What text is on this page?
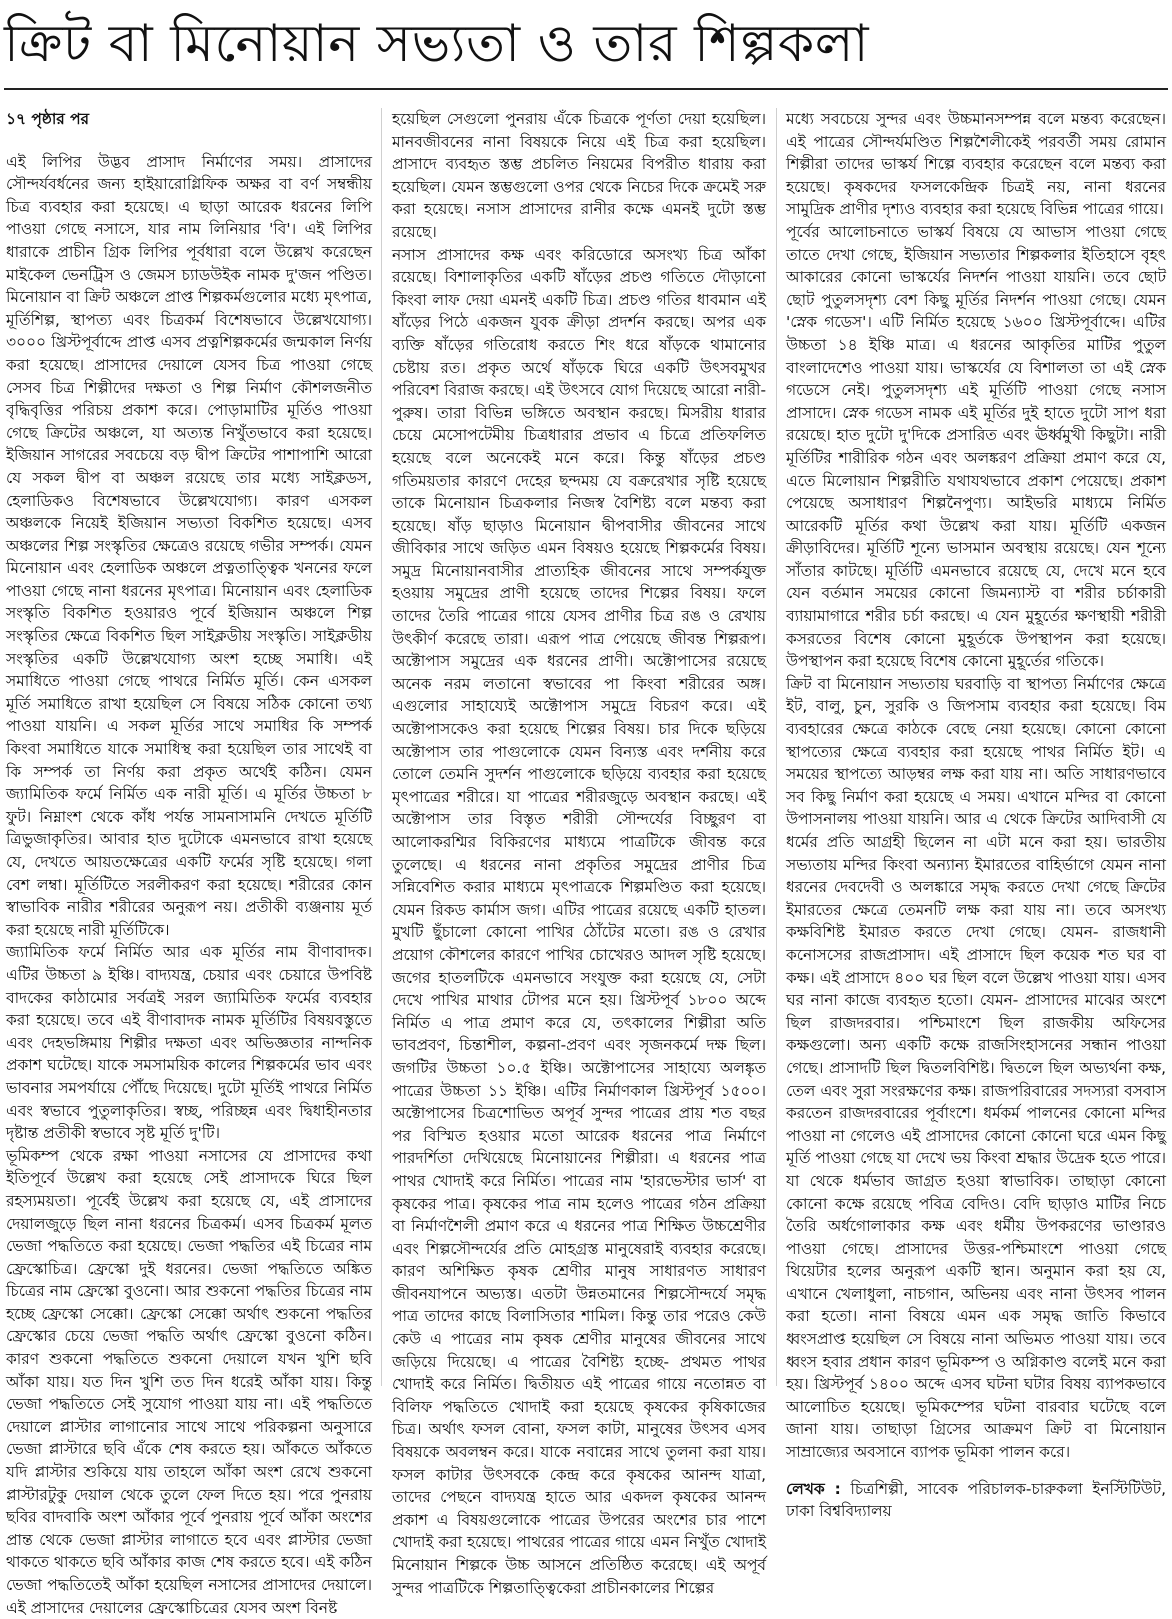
ক্রিট বা মিনোয়ান সভ্যতা ও তার শিল্পকলা

১৭ পৃষ্ঠার পর

এই লিপির উদ্ভব প্রাসাদ নির্মাণের সময়। প্রাসাদের সৌন্দর্যবর্ধনের জন্য হাইয়ারোগ্লিফিক অক্ষর বা বর্ণ সম্বন্ধীয় চিত্র ব্যবহার করা হয়েছে। এ ছাড়া আরেক ধরনের লিপি পাওয়া গেছে নসাসে, যার নাম লিনিয়ার 'বি'। এই লিপির ধারাকে প্রাচীন গ্রিক লিপির পূর্বধারা বলে উল্লেখ করেছেন মাইকেল ভেনট্রিস ও জেমস চ্যাডউইক নামক দু'জন পণ্ডিত। মিনোয়ান বা ক্রিট অঞ্চলে প্রাপ্ত শিল্পকর্মগুলোর মধ্যে মৃৎপাত্র, মূর্তিশিল্প, স্থাপত্য এবং চিত্রকর্ম বিশেষভাবে উল্লেখযোগ্য। ৩০০০ খ্রিস্টপূর্বাব্দে প্রাপ্ত এসব প্রত্নশিল্পকর্মের জন্মকাল নির্ণয় করা হয়েছে। প্রাসাদের দেয়ালে যেসব চিত্র পাওয়া গেছে সেসব চিত্র শিল্পীদের দক্ষতা ও শিল্প নির্মাণ কৌশলজনীত বৃদ্ধিবৃত্তির পরিচয় প্রকাশ করে। পোড়ামাটির মূর্তিও পাওয়া গেছে ক্রিটের অঞ্চলে, যা অত্যন্ত নিখুঁতভাবে করা হয়েছে। ইজিয়ান সাগরের সবচেয়ে বড় দ্বীপ ক্রিটের পাশাপাশি আরো যে সকল দ্বীপ বা অঞ্চল রয়েছে তার মধ্যে সাইক্লডস, হেলাডিকও বিশেষভাবে উল্লেখযোগ্য। কারণ এসকল অঞ্চলকে নিয়েই ইজিয়ান সভ্যতা বিকশিত হয়েছে। এসব অঞ্চলের শিল্প সংস্কৃতির ক্ষেত্রেও রয়েছে গভীর সম্পর্ক। যেমন মিনোয়ান এবং হেলাডিক অঞ্চলে প্রত্নতাত্ত্বিক খননের ফলে পাওয়া গেছে নানা ধরনের মৃৎপাত্র। মিনোয়ান এবং হেলাডিক সংস্কৃতি বিকশিত হওয়ারও পূর্বে ইজিয়ান অঞ্চলে শিল্প সংস্কৃতির ক্ষেত্রে বিকশিত ছিল সাইক্লডীয় সংস্কৃতি। সাইক্লডীয় সংস্কৃতির একটি উল্লেখযোগ্য অংশ হচ্ছে সমাধি। এই সমাধিতে পাওয়া গেছে পাথরে নির্মিত মূর্তি। কেন এসকল মূর্তি সমাধিতে রাখা হয়েছিল সে বিষয়ে সঠিক কোনো তথ্য পাওয়া যায়নি। এ সকল মূর্তির সাথে সমাধির কি সম্পর্ক কিংবা সমাধিতে যাকে সমাধিস্থ করা হয়েছিল তার সাথেই বা কি সম্পর্ক তা নির্ণয় করা প্রকৃত অর্থেই কঠিন। যেমন জ্যামিতিক ফর্মে নির্মিত এক নারী মূর্তি। এ মূর্তির উচ্চতা ৮ ফুট। নিম্নাংশ থেকে কাঁধ পর্যন্ত সামনাসামনি দেখতে মূর্তিটি ত্রিভুজাকৃতির। আবার হাত দুটোকে এমনভাবে রাখা হয়েছে যে, দেখতে আয়তক্ষেত্রের একটি ফর্মের সৃষ্টি হয়েছে। গলা বেশ লম্বা। মূর্তিটিতে সরলীকরণ করা হয়েছে। শরীরের কোন স্বাভাবিক নারীর শরীরের অনুরূপ নয়। প্রতীকী ব্যঞ্জনায় মূর্ত করা হয়েছে নারী মূর্তিটিকে।

জ্যামিতিক ফর্মে নির্মিত আর এক মূর্তির নাম বীণাবাদক। এটির উচ্চতা ৯ ইঞ্চি। বাদ্যযন্ত্র, চেয়ার এবং চেয়ারে উপবিষ্ট বাদকের কাঠামোর সর্বত্রই সরল জ্যামিতিক ফর্মের ব্যবহার করা হয়েছে। তবে এই বীণাবাদক নামক মূর্তিটির বিষয়বস্তুতে এবং দেহভঙ্গিমায় শিল্পীর দক্ষতা এবং অভিজ্ঞতার নান্দনিক প্রকাশ ঘটেছে। যাকে সমসাময়িক কালের শিল্পকর্মের ভাব এবং ভাবনার সমপর্যায়ে পৌঁছে দিয়েছে। দুটো মূর্তিই পাথরে নির্মিত এবং স্বভাবে পুতুলাকৃতির। স্বচ্ছ, পরিচ্ছন্ন এবং দ্বিধাহীনতার দৃষ্টান্ত প্রতীকী স্বভাবে সৃষ্ট মূর্তি দু'টি।

ভূমিকম্প থেকে রক্ষা পাওয়া নসাসের যে প্রাসাদের কথা ইতিপূর্বে উল্লেখ করা হয়েছে সেই প্রাসাদকে ঘিরে ছিল রহস্যময়তা। পূর্বেই উল্লেখ করা হয়েছে যে, এই প্রাসাদের দেয়ালজুড়ে ছিল নানা ধরনের চিত্রকর্ম। এসব চিত্রকর্ম মূলত ভেজা পদ্ধতিতে করা হয়েছে। ভেজা পদ্ধতির এই চিত্রের নাম ফ্রেস্কোচিত্র। ফ্রেস্কো দুই ধরনের। ভেজা পদ্ধতিতে অঙ্কিত চিত্রের নাম ফ্রেস্কো বুওনো। আর শুকনো পদ্ধতির চিত্রের নাম হচ্ছে ফ্রেস্কো সেক্কো। ফ্রেস্কো সেক্কো অর্থাৎ শুকনো পদ্ধতির ফ্রেস্কোর চেয়ে ভেজা পদ্ধতি অর্থাৎ ফ্রেস্কো বুওনো কঠিন। কারণ শুকনো পদ্ধতিতে শুকনো দেয়ালে যখন খুশি ছবি আঁকা যায়। যত দিন খুশি তত দিন ধরেই আঁকা যায়। কিন্তু ভেজা পদ্ধতিতে সেই সুযোগ পাওয়া যায় না। এই পদ্ধতিতে দেয়ালে প্লাস্টার লাগানোর সাথে সাথে পরিকল্পনা অনুসারে ভেজা প্লাস্টারে ছবি এঁকে শেষ করতে হয়। আঁকতে আঁকতে যদি প্লাস্টার শুকিয়ে যায় তাহলে আঁকা অংশ রেখে শুকনো প্লাস্টারটুকু দেয়াল থেকে তুলে ফেল দিতে হয়। পরে পুনরায় ছবির বাদবাকি অংশ আঁকার পূর্বে পুনরায় পূর্বে আঁকা অংশের প্রান্ত থেকে ভেজা প্লাস্টার লাগাতে হবে এবং প্লাস্টার ভেজা থাকতে থাকতে ছবি আঁকার কাজ শেষ করতে হবে। এই কঠিন ভেজা পদ্ধতিতেই আঁকা হয়েছিল নসাসের প্রাসাদের দেয়ালে। এই প্রাসাদের দেয়ালের ফ্রেস্কোচিত্রের যেসব অংশ বিনষ্ট

হয়েছিল সেগুলো পুনরায় এঁকে চিত্রকে পূর্ণতা দেয়া হয়েছিল। মানবজীবনের নানা বিষয়কে নিয়ে এই চিত্র করা হয়েছিল। প্রাসাদে ব্যবহৃত স্তম্ভ প্রচলিত নিয়মের বিপরীত ধারায় করা হয়েছিল। যেমন স্তম্ভগুলো ওপর থেকে নিচের দিকে ক্রমেই সরু করা হয়েছে। নসাস প্রাসাদের রানীর কক্ষে এমনই দুটো স্তম্ভ রয়েছে।

নসাস প্রাসাদের কক্ষ এবং করিডোরে অসংখ্য চিত্র আঁকা রয়েছে। বিশালাকৃতির একটি ষাঁড়ের প্রচণ্ড গতিতে দৌড়ানো কিংবা লাফ দেয়া এমনই একটি চিত্র। প্রচণ্ড গতির ধাবমান এই ষাঁড়ের পিঠে একজন যুবক ক্রীড়া প্রদর্শন করছে। অপর এক ব্যক্তি ষাঁড়ের গতিরোধ করতে শিং ধরে ষাঁড়কে থামানোর চেষ্টায় রত। প্রকৃত অর্থে ষাঁড়কে ঘিরে একটি উৎসবমুখর পরিবেশ বিরাজ করছে। এই উৎসবে যোগ দিয়েছে আরো নারী-পুরুষ। তারা বিভিন্ন ভঙ্গিতে অবস্থান করছে। মিসরীয় ধারার চেয়ে মেসোপটেমীয় চিত্রধারার প্রভাব এ চিত্রে প্রতিফলিত হয়েছে বলে অনেকেই মনে করে। কিন্তু ষাঁড়ের প্রচণ্ড গতিময়তার কারণে দেহের ছন্দময় যে বক্ররেখার সৃষ্টি হয়েছে তাকে মিনোয়ান চিত্রকলার নিজস্ব বৈশিষ্ট্য বলে মন্তব্য করা হয়েছে। ষাঁড় ছাড়াও মিনোয়ান দ্বীপবাসীর জীবনের সাথে জীবিকার সাথে জড়িত এমন বিষয়ও হয়েছে শিল্পকর্মের বিষয়। সমুদ্র মিনোয়ানবাসীর প্রাত্যহিক জীবনের সাথে সম্পর্কযুক্ত হওয়ায় সমুদ্রের প্রাণী হয়েছে তাদের শিল্পের বিষয়। ফলে তাদের তৈরি পাত্রের গায়ে যেসব প্রাণীর চিত্র রঙ ও রেখায় উৎকীর্ণ করেছে তারা। এরূপ পাত্র পেয়েছে জীবন্ত শিল্পরূপ। অক্টোপাস সমুদ্রের এক ধরনের প্রাণী। অক্টোপাসের রয়েছে অনেক নরম লতানো স্বভাবের পা কিংবা শরীরের অঙ্গ। এগুলোর সাহায্যেই অক্টোপাস সমুদ্রে বিচরণ করে। এই অক্টোপাসকেও করা হয়েছে শিল্পের বিষয়। চার দিকে ছড়িয়ে অক্টোপাস তার পাগুলোকে যেমন বিন্যস্ত এবং দর্শনীয় করে তোলে তেমনি সুদর্শন পাগুলোকে ছড়িয়ে ব্যবহার করা হয়েছে মৃৎপাত্রের শরীরে। যা পাত্রের শরীরজুড়ে অবস্থান করছে। এই অক্টোপাস তার বিস্তৃত শরীরী সৌন্দর্যের বিচ্ছুরণ বা আলোকরশ্মির বিকিরণের মাধ্যমে পাত্রটিকে জীবন্ত করে তুলেছে। এ ধরনের নানা প্রকৃতির সমুদ্রের প্রাণীর চিত্র সন্নিবেশিত করার মাধ্যমে মৃৎপাত্রকে শিল্পমণ্ডিত করা হয়েছে। যেমন রিকড কার্মাস জগ। এটির পাত্রের রয়েছে একটি হাতল। মুখটি ছুঁচালো কোনো পাখির ঠোঁটের মতো। রঙ ও রেখার প্রয়োগ কৌশলের কারণে পাখির চোখেরও আদল সৃষ্টি হয়েছে। জগের হাতলটিকে এমনভাবে সংযুক্ত করা হয়েছে যে, সেটা দেখে পাখির মাথার টোপর মনে হয়। খ্রিস্টপূর্ব ১৮০০ অব্দে নির্মিত এ পাত্র প্রমাণ করে যে, তৎকালের শিল্পীরা অতি ভাবপ্রবণ, চিন্তাশীল, কল্পনা-প্রবণ এবং সৃজনকর্মে দক্ষ ছিল। জগটির উচ্চতা ১০.৫ ইঞ্চি। অক্টোপাসের সাহায্যে অলঙ্কৃত পাত্রের উচ্চতা ১১ ইঞ্চি। এটির নির্মাণকাল খ্রিস্টপূর্ব ১৫০০। অক্টোপাসের চিত্রশোভিত অপূর্ব সুন্দর পাত্রের প্রায় শত বছর পর বিস্মিত হওয়ার মতো আরেক ধরনের পাত্র নির্মাণে পারদর্শিতা দেখিয়েছে মিনোয়ানের শিল্পীরা। এ ধরনের পাত্র পাথর খোদাই করে নির্মিত। পাত্রের নাম 'হারভেস্টার ভার্স' বা কৃষকের পাত্র। কৃষকের পাত্র নাম হলেও পাত্রের গঠন প্রক্রিয়া বা নির্মাণশৈলী প্রমাণ করে এ ধরনের পাত্র শিক্ষিত উচ্চশ্রেণীর এবং শিল্পসৌন্দর্যের প্রতি মোহগ্রস্ত মানুষেরাই ব্যবহার করেছে। কারণ অশিক্ষিত কৃষক শ্রেণীর মানুষ সাধারণত সাধারণ জীবনযাপনে অভ্যস্ত। এতটা উন্নতমানের শিল্পসৌন্দর্যে সমৃদ্ধ পাত্র তাদের কাছে বিলাসিতার শামিল। কিন্তু তার পরেও কেউ কেউ এ পাত্রের নাম কৃষক শ্রেণীর মানুষের জীবনের সাথে জড়িয়ে দিয়েছে। এ পাত্রের বৈশিষ্ট্য হচ্ছে- প্রথমত পাথর খোদাই করে নির্মিত। দ্বিতীয়ত এই পাত্রের গায়ে নতোন্নত বা বিলিফ পদ্ধতিতে খোদাই করা হয়েছে কৃষকের কৃষিকাজের চিত্র। অর্থাৎ ফসল বোনা, ফসল কাটা, মানুষের উৎসব এসব বিষয়কে অবলম্বন করে। যাকে নবান্নের সাথে তুলনা করা যায়। ফসল কাটার উৎসবকে কেন্দ্র করে কৃষকের আনন্দ যাত্রা, তাদের পেছনে বাদ্যযন্ত্র হাতে আর একদল কৃষকের আনন্দ প্রকাশ এ বিষয়গুলোকে পাত্রের উপরের অংশের চার পাশে খোদাই করা হয়েছে। পাথরের পাত্রের গায়ে এমন নিখুঁত খোদাই মিনোয়ান শিল্পকে উচ্চ আসনে প্রতিষ্ঠিত করেছে। এই অপূর্ব সুন্দর পাত্রটিকে শিল্পতাত্ত্বিকেরা প্রাচীনকালের শিল্পের

মধ্যে সবচেয়ে সুন্দর এবং উচ্চমানসম্পন্ন বলে মন্তব্য করেছেন। এই পাত্রের সৌন্দর্যমণ্ডিত শিল্পশৈলীকেই পরবর্তী সময় রোমান শিল্পীরা তাদের ভাস্কর্য শিল্পে ব্যবহার করেছেন বলে মন্তব্য করা হয়েছে। কৃষকদের ফসলকেন্দ্রিক চিত্রই নয়, নানা ধরনের সামুদ্রিক প্রাণীর দৃশ্যও ব্যবহার করা হয়েছে বিভিন্ন পাত্রের গায়ে।

পূর্বের আলোচনাতে ভাস্কর্য বিষয়ে যে আভাস পাওয়া গেছে তাতে দেখা গেছে, ইজিয়ান সভ্যতার শিল্পকলার ইতিহাসে বৃহৎ আকারের কোনো ভাস্কর্যের নিদর্শন পাওয়া যায়নি। তবে ছোট ছোট পুতুলসদৃশ্য বেশ কিছু মূর্তির নিদর্শন পাওয়া গেছে। যেমন 'স্নেক গডেস'। এটি নির্মিত হয়েছে ১৬০০ খ্রিস্টপূর্বাব্দে। এটির উচ্চতা ১৪ ইঞ্চি মাত্র। এ ধরনের আকৃতির মাটির পুতুল বাংলাদেশেও পাওয়া যায়। ভাস্কর্যের যে বিশালতা তা এই স্নেক গডেসে নেই। পুতুলসদৃশ্য এই মূর্তিটি পাওয়া গেছে নসাস প্রাসাদে। স্নেক গডেস নামক এই মূর্তির দুই হাতে দুটো সাপ ধরা রয়েছে। হাত দুটো দু'দিকে প্রসারিত এবং ঊর্ধ্বমুখী কিছুটা। নারী মূর্তিটির শারীরিক গঠন এবং অলঙ্করণ প্রক্রিয়া প্রমাণ করে যে, এতে মিলোয়ান শিল্পরীতি যথাযথভাবে প্রকাশ পেয়েছে। প্রকাশ পেয়েছে অসাধারণ শিল্পনৈপুণ্য। আইভরি মাধ্যমে নির্মিত আরেকটি মূর্তির কথা উল্লেখ করা যায়। মূর্তিটি একজন ক্রীড়াবিদের। মূর্তিটি শূন্যে ভাসমান অবস্থায় রয়েছে। যেন শূন্যে সাঁতার কাটছে। মূর্তিটি এমনভাবে রয়েছে যে, দেখে মনে হবে যেন বর্তমান সময়ের কোনো জিমন্যাস্ট বা শরীর চর্চাকারী ব্যায়ামাগারে শরীর চর্চা করছে। এ যেন মুহূর্তের ক্ষণস্থায়ী শরীরী কসরতের বিশেষ কোনো মুহূর্তকে উপস্থাপন করা হয়েছে। উপস্থাপন করা হয়েছে বিশেষ কোনো মুহূর্তের গতিকে।

ক্রিট বা মিনোয়ান সভ্যতায় ঘরবাড়ি বা স্থাপত্য নির্মাণের ক্ষেত্রে ইট, বালু, চুন, সুরকি ও জিপসাম ব্যবহার করা হয়েছে। বিম ব্যবহারের ক্ষেত্রে কাঠকে বেছে নেয়া হয়েছে। কোনো কোনো স্থাপত্যের ক্ষেত্রে ব্যবহার করা হয়েছে পাথর নির্মিত ইট। এ সময়ের স্থাপত্যে আড়ম্বর লক্ষ করা যায় না। অতি সাধারণভাবে সব কিছু নির্মাণ করা হয়েছে এ সময়। এখানে মন্দির বা কোনো উপাসনালয় পাওয়া যায়নি। আর এ থেকে ক্রিটের আদিবাসী যে ধর্মের প্রতি আগ্রহী ছিলেন না এটা মনে করা হয়। ভারতীয় সভ্যতায় মন্দির কিংবা অন্যান্য ইমারতের বাহির্ভাগে যেমন নানা ধরনের দেবদেবী ও অলঙ্কারে সমৃদ্ধ করতে দেখা গেছে ক্রিটের ইমারতের ক্ষেত্রে তেমনটি লক্ষ করা যায় না। তবে অসংখ্য কক্ষবিশিষ্ট ইমারত করতে দেখা গেছে। যেমন- রাজধানী কনোসসের রাজপ্রাসাদ। এই প্রাসাদে ছিল কয়েক শত ঘর বা কক্ষ। এই প্রাসাদে ৪০০ ঘর ছিল বলে উল্লেখ পাওয়া যায়। এসব ঘর নানা কাজে ব্যবহৃত হতো। যেমন- প্রাসাদের মাঝের অংশে ছিল রাজদরবার। পশ্চিমাংশে ছিল রাজকীয় অফিসের কক্ষগুলো। অন্য একটি কক্ষে রাজসিংহাসনের সন্ধান পাওয়া গেছে। প্রাসাদটি ছিল দ্বিতলবিশিষ্ট। দ্বিতলে ছিল অভ্যর্থনা কক্ষ, তেল এবং সুরা সংরক্ষণের কক্ষ। রাজপরিবারের সদস্যরা বসবাস করতেন রাজদরবারের পূর্বাংশে। ধর্মকর্ম পালনের কোনো মন্দির পাওয়া না গেলেও এই প্রাসাদের কোনো কোনো ঘরে এমন কিছু মূর্তি পাওয়া গেছে যা দেখে ভয় কিংবা শ্রদ্ধার উদ্রেক হতে পারে। যা থেকে ধর্মভাব জাগ্রত হওয়া স্বাভাবিক। তাছাড়া কোনো কোনো কক্ষে রয়েছে পবিত্র বেদিও। বেদি ছাড়াও মাটির নিচে তৈরি অর্ধগোলাকার কক্ষ এবং ধর্মীয় উপকরণের ভাণ্ডারও পাওয়া গেছে। প্রাসাদের উত্তর-পশ্চিমাংশে পাওয়া গেছে থিয়েটার হলের অনুরূপ একটি স্থান। অনুমান করা হয় যে, এখানে খেলাধুলা, নাচগান, অভিনয় এবং নানা উৎসব পালন করা হতো। নানা বিষয়ে এমন এক সমৃদ্ধ জাতি কিভাবে ধ্বংসপ্রাপ্ত হয়েছিল সে বিষয়ে নানা অভিমত পাওয়া যায়। তবে ধ্বংস হবার প্রধান কারণ ভূমিকম্প ও অগ্নিকাণ্ড বলেই মনে করা হয়। খ্রিস্টপূর্ব ১৪০০ অব্দে এসব ঘটনা ঘটার বিষয় ব্যাপকভাবে আলোচিত হয়েছে। ভূমিকম্পের ঘটনা বারবার ঘটেছে বলে জানা যায়। তাছাড়া গ্রিসের আক্রমণ ক্রিট বা মিনোয়ান সাম্রাজ্যের অবসানে ব্যাপক ভূমিকা পালন করে।

লেখক : চিত্রশিল্পী, সাবেক পরিচালক-চারুকলা ইনস্টিটিউট, ঢাকা বিশ্ববিদ্যালয়
